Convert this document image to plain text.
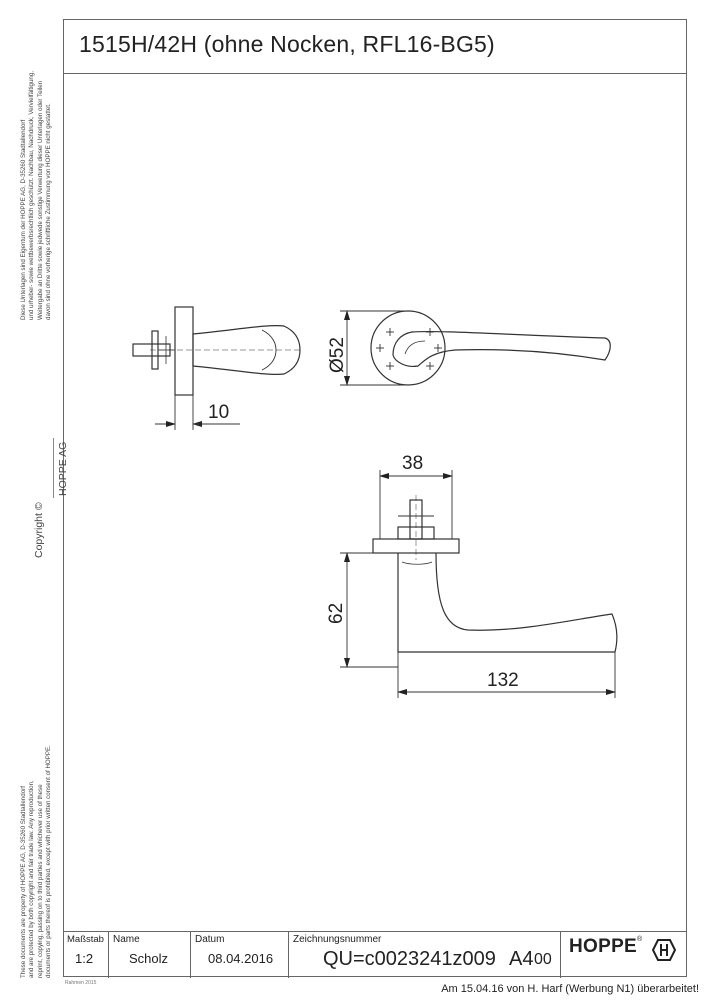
1515H/42H (ohne Nocken, RFL16-BG5)
Diese Unterlagen sind Eigentum der HOPPE AG, D-35260 Stadtallendorf und urheber- sowie wettbewerbsrechtlich geschützt. Nachbau, Nachdruck, Vervielfältigung, Weitergabe an Dritte sowie jedwede sonstige Verwertung dieser Unterlagen oder Teilen davon sind ohne vorherige schriftliche Zustimmung von HOPPE nicht gestattet.
Copyright ©
HOPPE AG
These documents are property of HOPPE AG, D-35260 Stadtallendorf and are protected by both copyright and fair trade law. Any reproduction, reprint, copying, passing on to third parties and whichever use of these documents or parts thereof is prohibited, except with prior written consent of HOPPE.
10
Ø52
38
62
132
Maßstab
1:2
Name
Scholz
Datum
08.04.2016
Zeichnungsnummer
QU=c0023241z009 A4 00
HOPPE®
Rahmen 2015	Am 15.04.16 von H. Harf (Werbung N1) überarbeitet!
